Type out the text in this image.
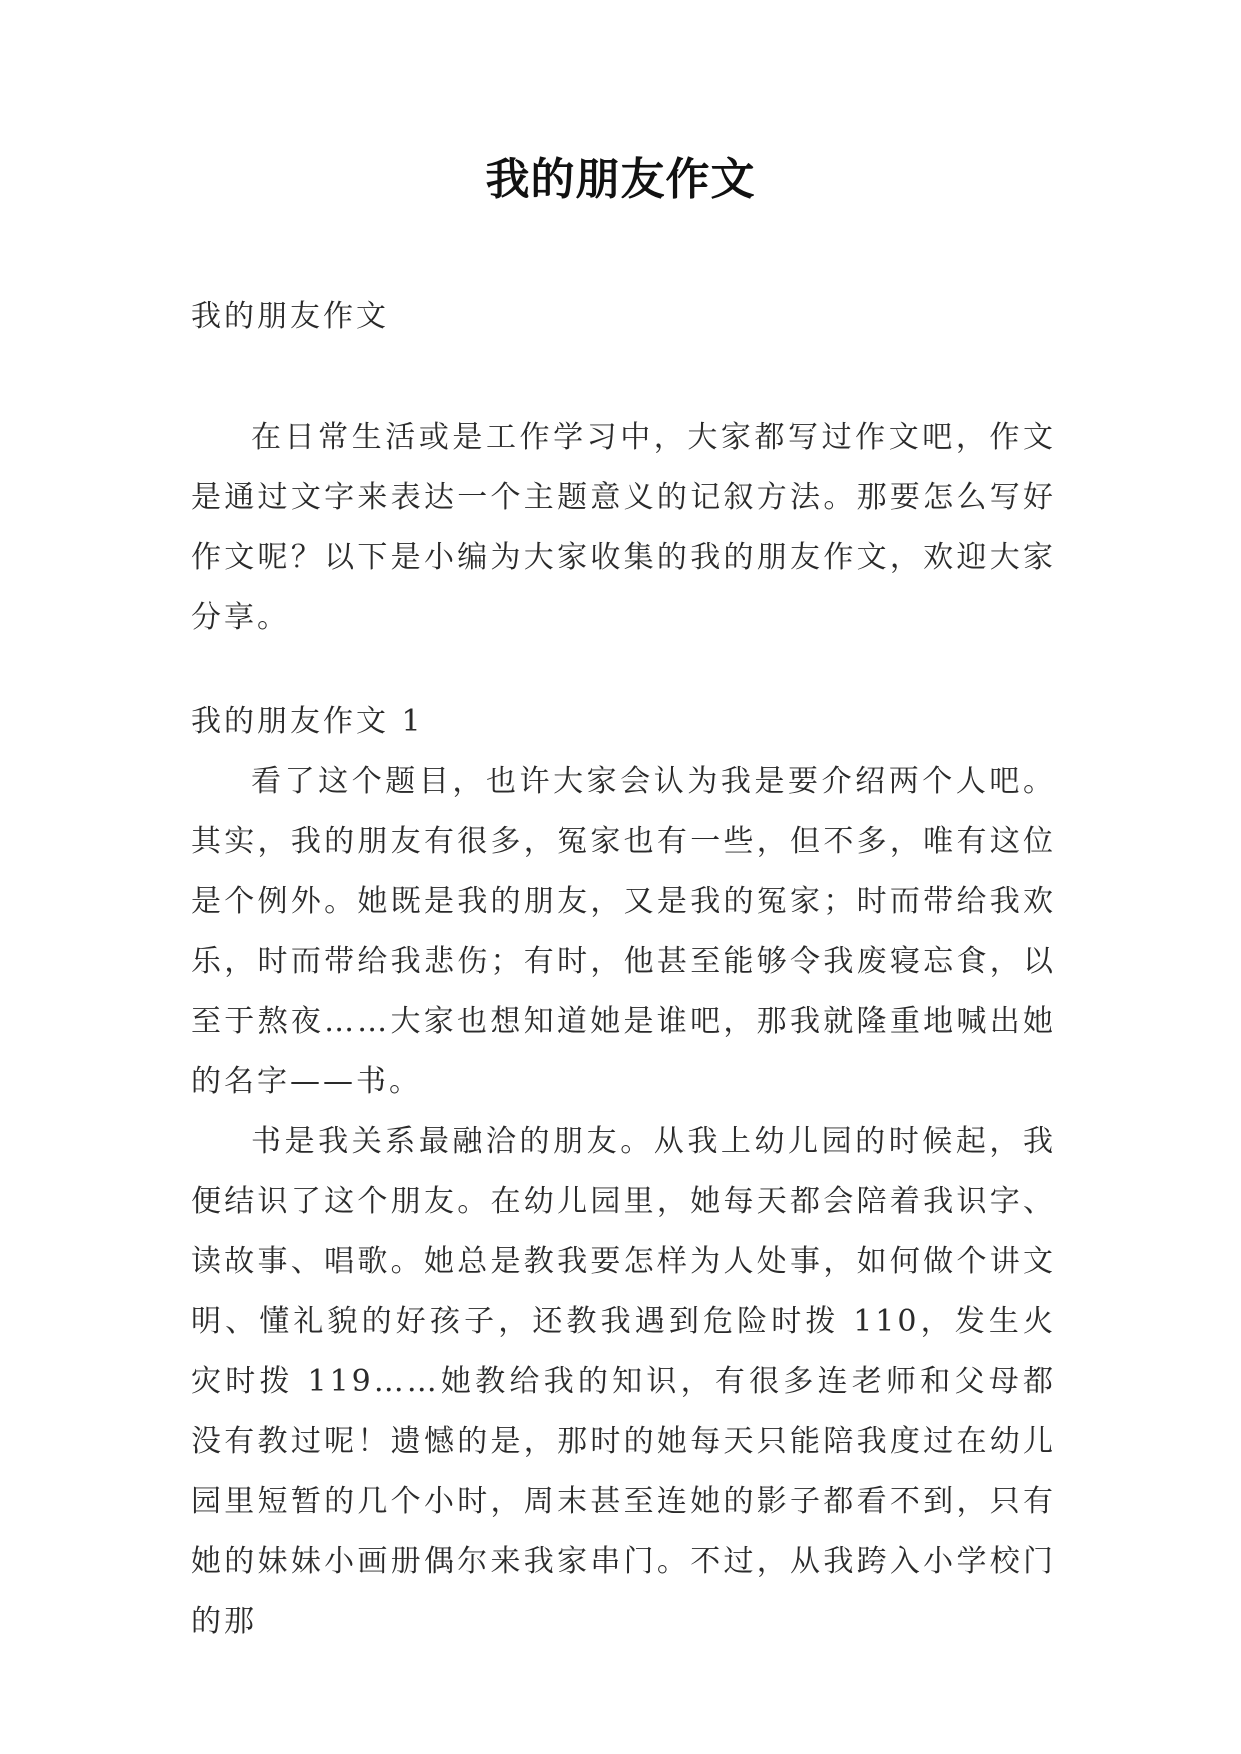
我的朋友作文
我的朋友作文

在日常生活或是工作学习中，大家都写过作文吧，作文是通过文字来表达一个主题意义的记叙方法。那要怎么写好作文呢？以下是小编为大家收集的我的朋友作文，欢迎大家分享。

我的朋友作文 1

看了这个题目，也许大家会认为我是要介绍两个人吧。其实，我的朋友有很多，冤家也有一些，但不多，唯有这位是个例外。她既是我的朋友，又是我的冤家；时而带给我欢乐，时而带给我悲伤；有时，他甚至能够令我废寝忘食，以至于熬夜……大家也想知道她是谁吧，那我就隆重地喊出她的名字——书。

书是我关系最融洽的朋友。从我上幼儿园的时候起，我便结识了这个朋友。在幼儿园里，她每天都会陪着我识字、读故事、唱歌。她总是教我要怎样为人处事，如何做个讲文明、懂礼貌的好孩子，还教我遇到危险时拨 110，发生火灾时拨 119……她教给我的知识，有很多连老师和父母都没有教过呢！遗憾的是，那时的她每天只能陪我度过在幼儿园里短暂的几个小时，周末甚至连她的影子都看不到，只有她的妹妹小画册偶尔来我家串门。不过，从我跨入小学校门的那
